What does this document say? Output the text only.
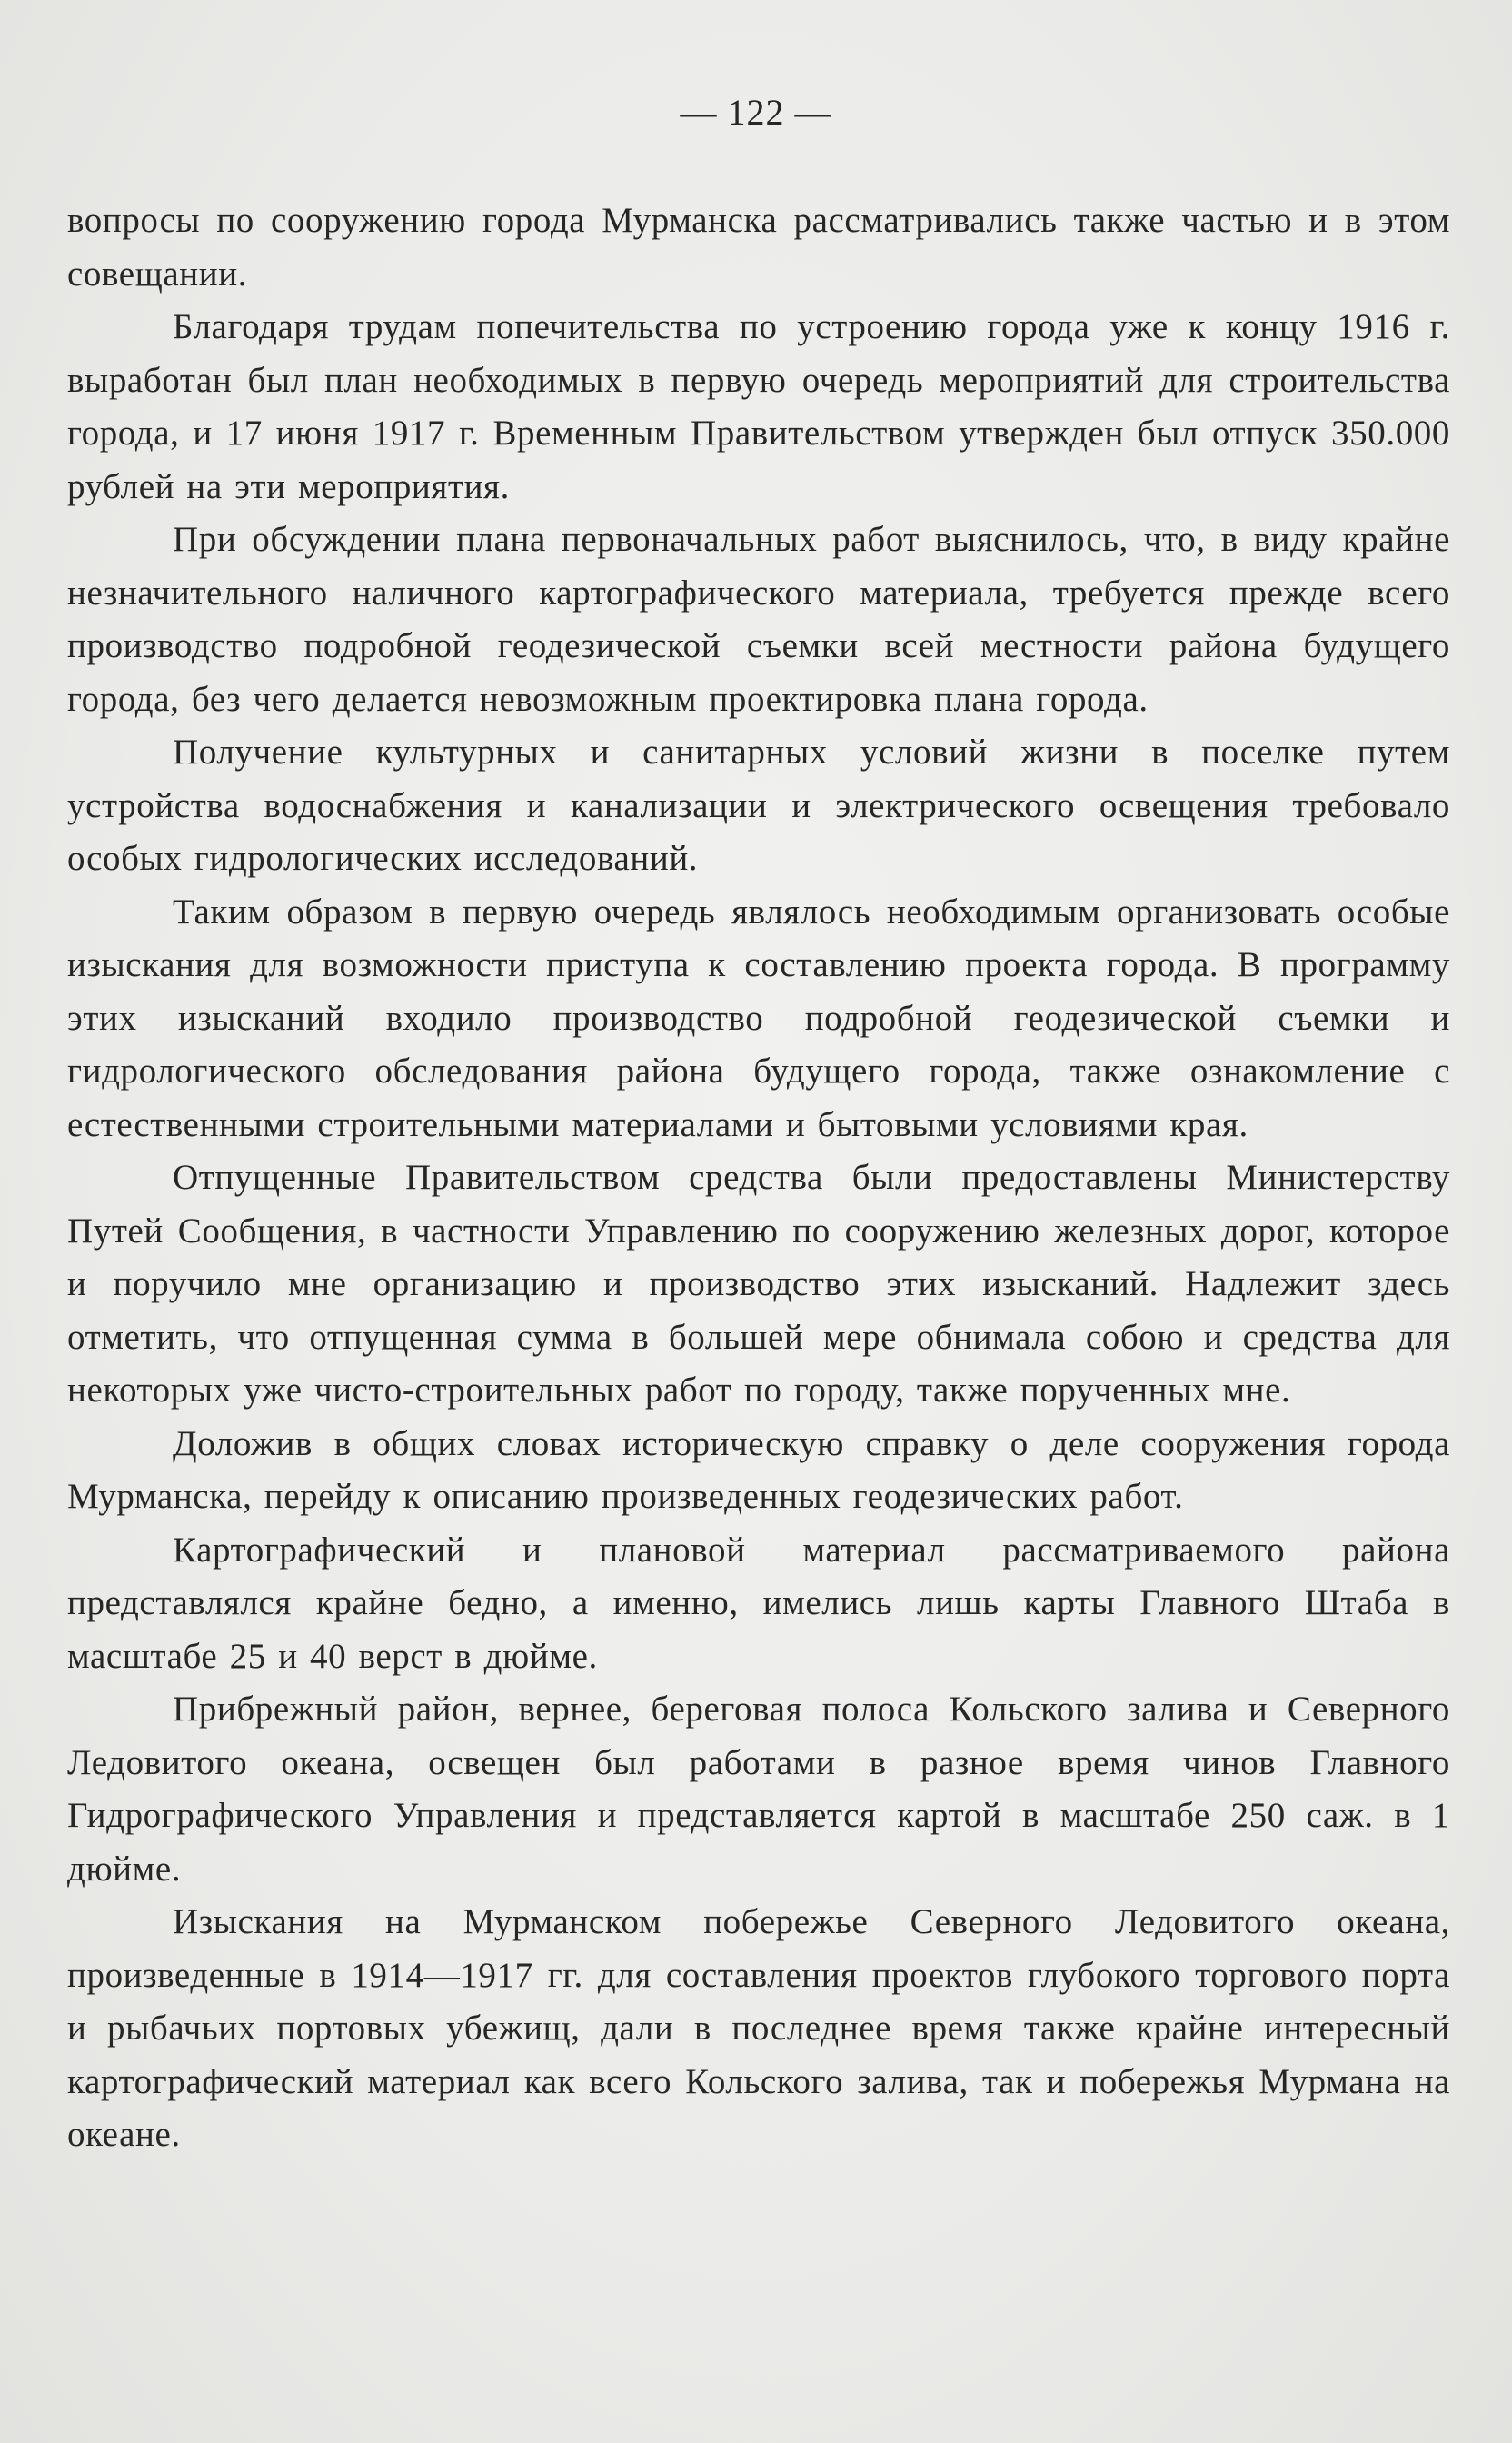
— 122 —

вопросы по сооружению города Мурманска рассматривались также частью и в этом совещании.

Благодаря трудам попечительства по устроению города уже к концу 1916 г. выработан был план необходимых в первую очередь мероприятий для строительства города, и 17 июня 1917 г. Временным Правительством утвержден был отпуск 350.000 рублей на эти мероприятия.

При обсуждении плана первоначальных работ выяснилось, что, в виду крайне незначительного наличного картографического материала, требуется прежде всего производство подробной геодезической съемки всей местности района будущего города, без чего делается невозможным проектировка плана города.

Получение культурных и санитарных условий жизни в поселке путем устройства водоснабжения и канализации и электрического освещения требовало особых гидрологических исследований.

Таким образом в первую очередь являлось необходимым организовать особые изыскания для возможности приступа к составлению проекта города. В программу этих изысканий входило производство подробной геодезической съемки и гидрологического обследования района будущего города, также ознакомление с естественными строительными материалами и бытовыми условиями края.

Отпущенные Правительством средства были предоставлены Министерству Путей Сообщения, в частности Управлению по сооружению железных дорог, которое и поручило мне организацию и производство этих изысканий. Надлежит здесь отметить, что отпущенная сумма в большей мере обнимала собою и средства для некоторых уже чисто-строительных работ по городу, также порученных мне.

Доложив в общих словах историческую справку о деле сооружения города Мурманска, перейду к описанию произведенных геодезических работ.

Картографический и плановой материал рассматриваемого района представлялся крайне бедно, а именно, имелись лишь карты Главного Штаба в масштабе 25 и 40 верст в дюйме.

Прибрежный район, вернее, береговая полоса Кольского залива и Северного Ледовитого океана, освещен был работами в разное время чинов Главного Гидрографического Управления и представляется картой в масштабе 250 саж. в 1 дюйме.

Изыскания на Мурманском побережье Северного Ледовитого океана, произведенные в 1914—1917 гг. для составления проектов глубокого торгового порта и рыбачьих портовых убежищ, дали в последнее время также крайне интересный картографический материал как всего Кольского залива, так и побережья Мурмана на океане.
